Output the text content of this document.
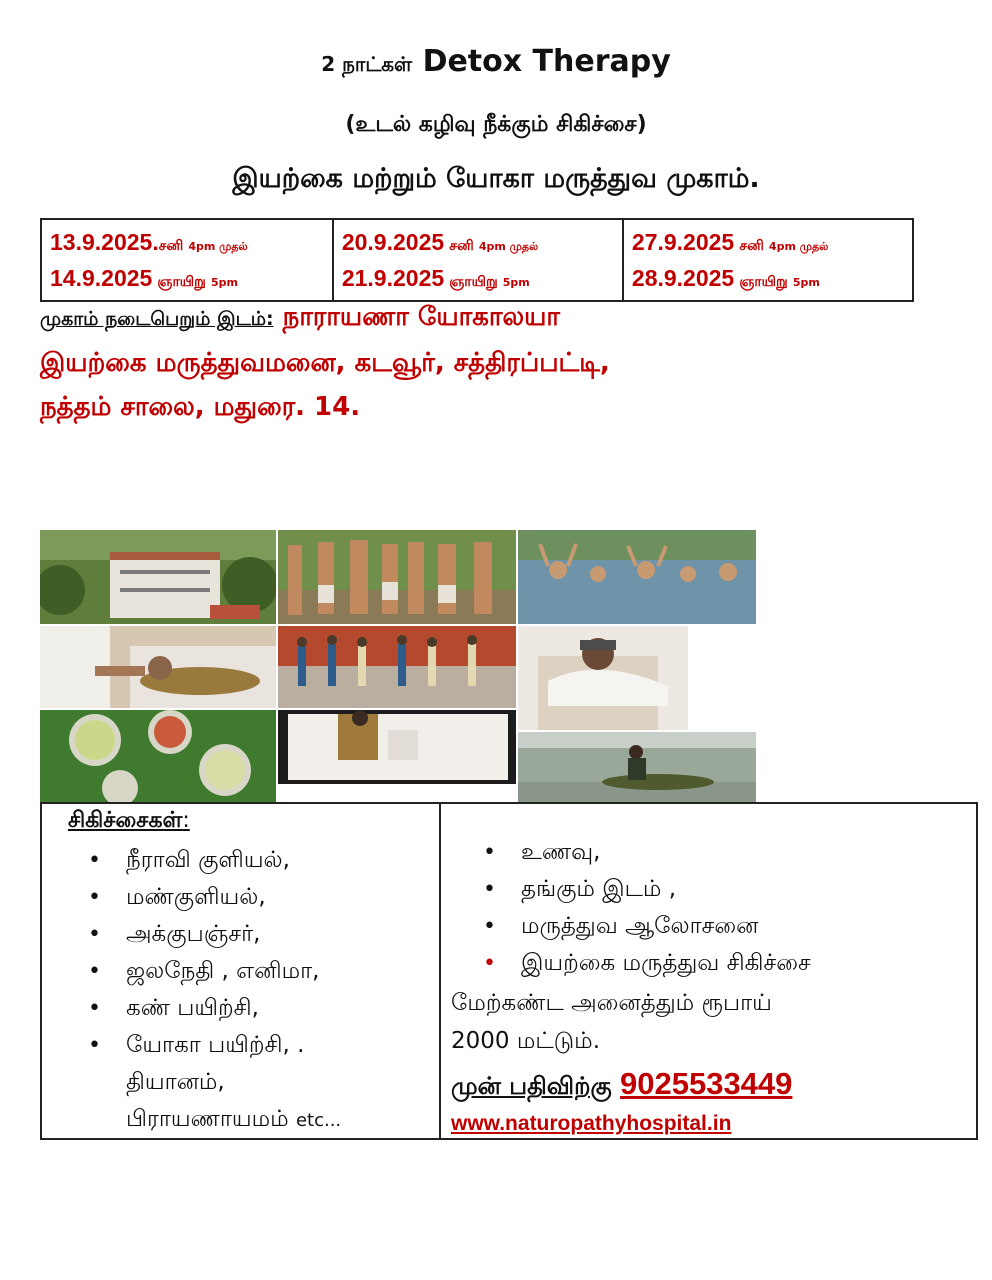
2 நாட்கள் Detox Therapy
(உடல் கழிவு நீக்கும் சிகிச்சை)
இயற்கை மற்றும் யோகா மருத்துவ முகாம்.
13.9.2025.சனி 4pm முதல்
14.9.2025 ஞாயிறு 5pm

20.9.2025 சனி 4pm முதல்
21.9.2025 ஞாயிறு 5pm

27.9.2025 சனி 4pm முதல்
28.9.2025 ஞாயிறு 5pm
முகாம் நடைபெறும் இடம்: நாராயணா யோகாலயா
இயற்கை மருத்துவமனை, கடவூர், சத்திரப்பட்டி,
நத்தம் சாலை, மதுரை. 14.
சிகிச்சைகள்:
• நீராவி குளியல்,
• மண்குளியல்,
• அக்குபஞ்சர்,
• ஜலநேதி , எனிமா,
• கண் பயிற்சி,
• யோகா பயிற்சி, .
தியானம்,
பிராயணாயமம் etc...
• உணவு,
• தங்கும் இடம் ,
• மருத்துவ ஆலோசனை
• இயற்கை மருத்துவ சிகிச்சை
மேற்கண்ட அனைத்தும் ரூபாய்
2000 மட்டும்.
முன் பதிவிற்கு 9025533449
www.naturopathyhospital.in
